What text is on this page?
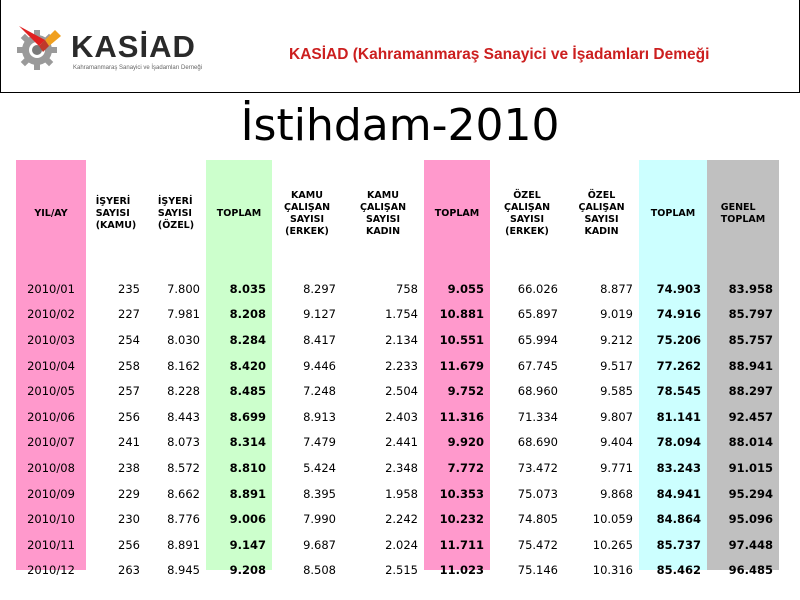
KASİAD
Kahramanmaraş Sanayici ve İşadamları Derneği
KASİAD (Kahramanmaraş Sanayici ve İşadamları Demeği
İstihdam-2010
YIL/AY	İŞYERİ
SAYISI
(KAMU)	İŞYERİ
SAYISI
(ÖZEL)	TOPLAM	KAMU
ÇALIŞAN
SAYISI
(ERKEK)	KAMU
ÇALIŞAN
SAYISI
KADIN	TOPLAM	ÖZEL
ÇALIŞAN
SAYISI
(ERKEK)	ÖZEL
ÇALIŞAN
SAYISI
KADIN	TOPLAM	GENEL
TOPLAM

2010/01	235	7.800	8.035	8.297	758	9.055	66.026	8.877	74.903	83.958
2010/02	227	7.981	8.208	9.127	1.754	10.881	65.897	9.019	74.916	85.797
2010/03	254	8.030	8.284	8.417	2.134	10.551	65.994	9.212	75.206	85.757
2010/04	258	8.162	8.420	9.446	2.233	11.679	67.745	9.517	77.262	88.941
2010/05	257	8.228	8.485	7.248	2.504	9.752	68.960	9.585	78.545	88.297
2010/06	256	8.443	8.699	8.913	2.403	11.316	71.334	9.807	81.141	92.457
2010/07	241	8.073	8.314	7.479	2.441	9.920	68.690	9.404	78.094	88.014
2010/08	238	8.572	8.810	5.424	2.348	7.772	73.472	9.771	83.243	91.015
2010/09	229	8.662	8.891	8.395	1.958	10.353	75.073	9.868	84.941	95.294
2010/10	230	8.776	9.006	7.990	2.242	10.232	74.805	10.059	84.864	95.096
2010/11	256	8.891	9.147	9.687	2.024	11.711	75.472	10.265	85.737	97.448
2010/12	263	8.945	9.208	8.508	2.515	11.023	75.146	10.316	85.462	96.485
